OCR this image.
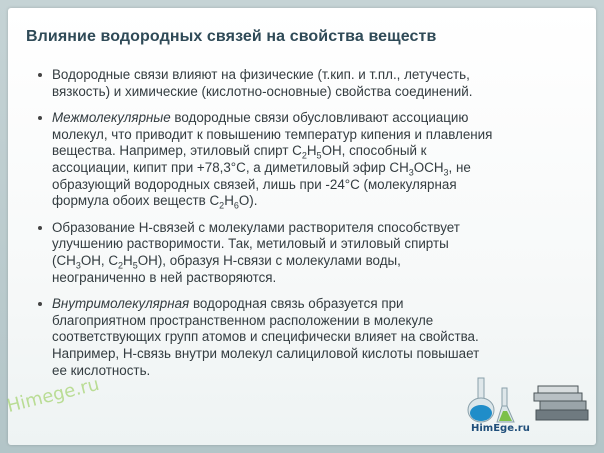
Влияние водородных связей на свойства веществ

Водородные связи влияют на физические (т.кип. и т.пл., летучесть,
вязкость) и химические (кислотно-основные) свойства соединений.

Межмолекулярные водородные связи обусловливают ассоциацию
молекул, что приводит к повышению температур кипения и плавления
вещества. Например, этиловый спирт $C_2H_5OH$, способный к
ассоциации, кипит при +78,3°С, а диметиловый эфир $CH_3OCH_3$, не
образующий водородных связей, лишь при -24°С (молекулярная
формула обоих веществ $C_2H_6O$).

Образование Н-связей с молекулами растворителя способствует
улучшению растворимости. Так, метиловый и этиловый спирты
($CH_3OH$, $C_2H_5OH$), образуя Н-связи с молекулами воды,
неограниченно в ней растворяются.

Внутримолекулярная водородная связь образуется при
благоприятном пространственном расположении в молекуле
соответствующих групп атомов и специфически влияет на свойства.
Например, Н-связь внутри молекул салициловой кислоты повышает
ее кислотность.

Himege.ru
HimEge.ru
